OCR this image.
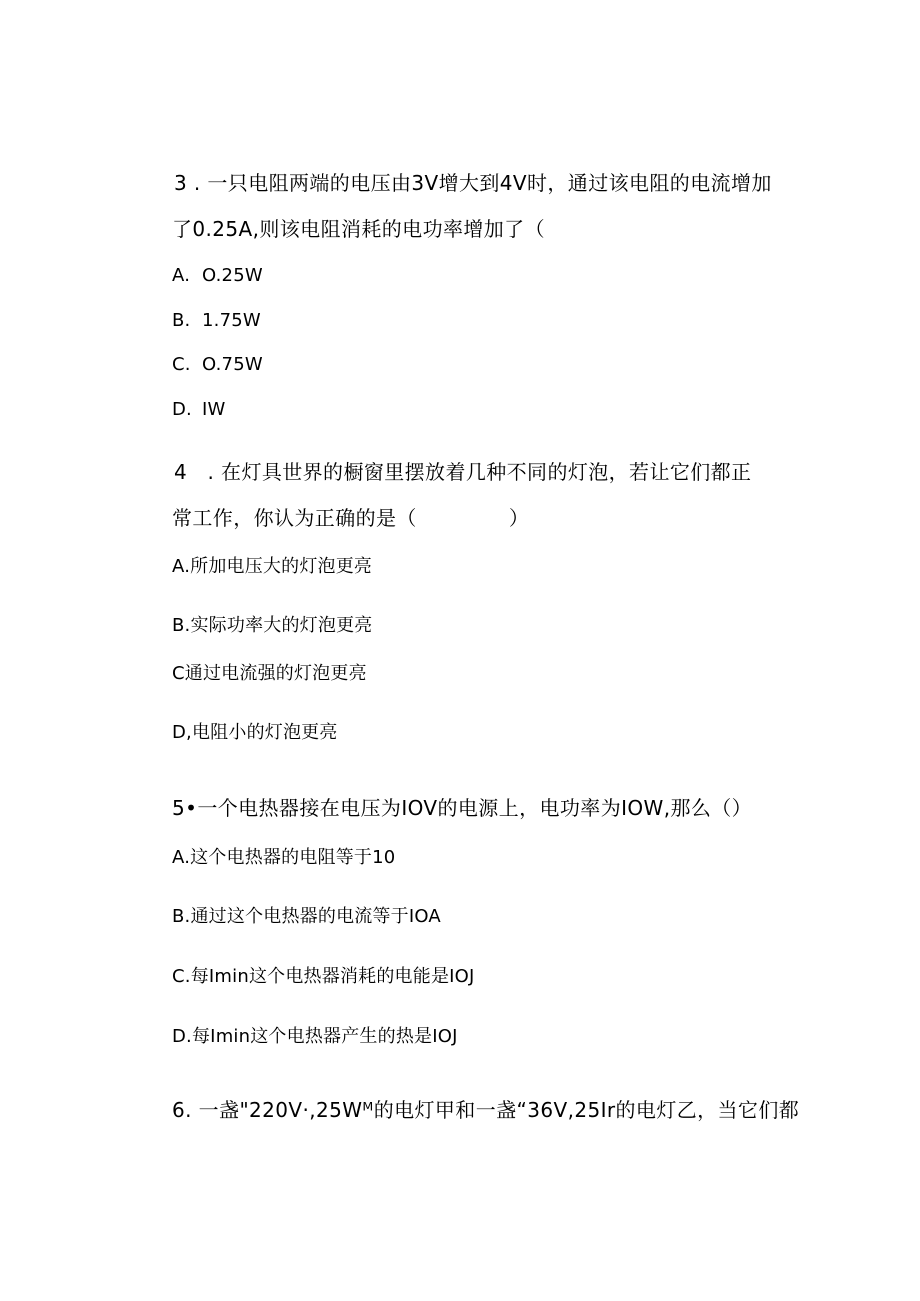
3 . 一只电阻两端的电压由3V增大到4V时，通过该电阻的电流增加
了0.25A,则该电阻消耗的电功率增加了（
A. O.25W
B. 1.75W
C. O.75W
D. IW
4　. 在灯具世界的橱窗里摆放着几种不同的灯泡，若让它们都正
常工作，你认为正确的是（	）
A.所加电压大的灯泡更亮
B.实际功率大的灯泡更亮
C通过电流强的灯泡更亮
D,电阻小的灯泡更亮
5•一个电热器接在电压为IOV的电源上，电功率为IOW,那么（）
A.这个电热器的电阻等于10
B.通过这个电热器的电流等于IOA
C.每Imin这个电热器消耗的电能是IOJ
D.每Imin这个电热器产生的热是IOJ
6. 一盏"220V·,25Wᴹ的电灯甲和一盏“36V,25Ir的电灯乙，当它们都
